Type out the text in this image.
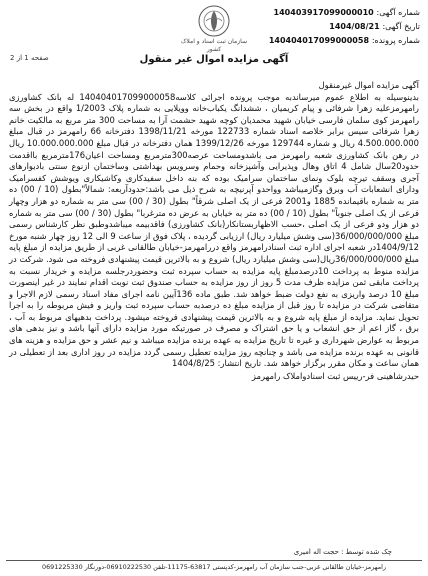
شماره آگهی: 140403917099000010
تاریخ آگهی: 1404/08/21
شماره پرونده: 140404017099000058
سازمان ثبت اسناد و املاک کشور
صفحه 1 از 2	آگهی مزایده اموال غیر منقول

آگهی مزایده اموال غیرمنقول

بدینوسیله به اطلاع عموم میرساندبه موجب پرونده اجرائی کلاسه140404017099000058 له بانک کشاورزی رامهرمزعلیه زهرا شرفائی و پیام کریمیان ، ششدانگ یکباب‌خانه وویلایی به شماره پلاک 1/2003 واقع در بخش سه رامهرمز کوی سلمان فارسی خیابان شهید محمدیان کوچه شهید حشمت آرا به مساحت 300 متر مربع به مالکیت خانم زهرا شرفائی سیس برابر خلاصه اسناد شماره 122733 مورخه 1398/11/21 دفترخانه 66 رامهرمز در قبال مبلغ 4.500.000.000 ریال و شماره 129744 مورخه 1399/12/26 همان دفترخانه در قبال مبلغ 10.000.000.000 ریال در رهن بانک کشاورزی شعبه رامهرمز می باشدومساحت عرصه300مترمربع ومساحت اعیان176مترمربع بااقدمت حدود20سال شامل 4 اتاق وهال وپذیرایی وآشپزخانه وحمام وسرویس بهداشتی وساختمان ازنوع سنتی بادیوارهای آجری وسقف تیرچه بلوک ونمای ساختمان سرامیک بوده که بنه داخل سفیدکاری وکاشیکاری ویوشش کفسرامیک ودارای انشعابات آب وبرق وگازمیباشد وواحدو آپرنیچه به شرح ذیل می باشد:حدودآربعه: شمالاً"بطول (10 / 00) ده متر به شماره باقیمانده 1885 و2001 فرعی از یک اصلی شرقاً" بطول (30 / 00) سی متر به شماره دو هزار وچهار فرعی از یک اصلی جنوباً" بطول (10 / 00) ده متر به خیابان به عرض ده مترغربا" بطول (30 / 00) سی متر به شماره دو هزار ودو فرعی از یک اصلی ،حسب الاظهاربستانکار(بانک کشاورزی) فاقدبیمه میباشدوطبق نظر کارشناس رسمی مبلغ 36/000/000/000(سی وشش میلیارد ریال) ارزیابی گردیده ، پلاک فوق از ساعت 9 الی 12 روز چهار شنبه مورخ 1404/9/12در شعبه اجرای اداره ثبت اسنادرامهرمز واقع دررامهرمز-خیابان طالقانی غربی از طریق مزایده از مبلغ پایه مبلغ 36/000/000/000ریال(سی وشش میلیارد ریال) شروع و به بالاترین قیمت پیشنهادی فروخته می شود. شرکت در مزایده منوط به پرداخت 10درصدمبلغ پایه مزایده به حساب سپرده ثبت وحضوردرجلسه مزایده و خریدار نسبت به پرداخت مابقی ثمن مزایده ظرف مدت 5 روز از روز مزایده به حساب صندوق ثبت نوبت اقدام نمایند در غیر اینصورت مبلغ 10 درصد واریزی به نفع دولت ضبط خواهد شد. طبق ماده 136آیین نامه اجرای مفاد اسناد رسمی لازم الاجرا و متقاضی شرکت در مزایده تا روز قبل از مزایده مبلغ ده درصدبه حساب سپرده ثبت واریز و فیش مربوطه را به اجرا تحویل نماید. مزایده از مبلغ پایه شروع و به بالاترین قیمت پیشنهادی فروخته میشود. پرداخت بدهیهای مربوط به آب ، برق ، گاز اعم از حق انشعاب و یا حق اشتراک و مصرف در صورتیکه مورد مزایده دارای آنها باشد و نیز بدهی های مربوط به عوارض شهرداری و غیره تا تاریخ مزایده به عهده برنده مزایده میباشد و نیم عشر و حق مزایده و هزینه های قانونی به عهده برنده مزایده می باشد و چنانچه روز مزایده تعطیل رسمی گردد مزایده در روز اداری بعد از تعطیلی در همان ساعت و مکان مقرر برگزار خواهد شد. تاریخ انتشار: 1404/8/25

حیدرشاهینی فر-رییس ثبت اسنادواملاک رامهرمز

چک شده توسط : حجت اله امیری
رامهرمز-خیابان طالقانی غربی-جنب سازمان آب رامهرمز-کدپستی 63817-11175-تلفن 06910222530-دورنگار 0691225330
